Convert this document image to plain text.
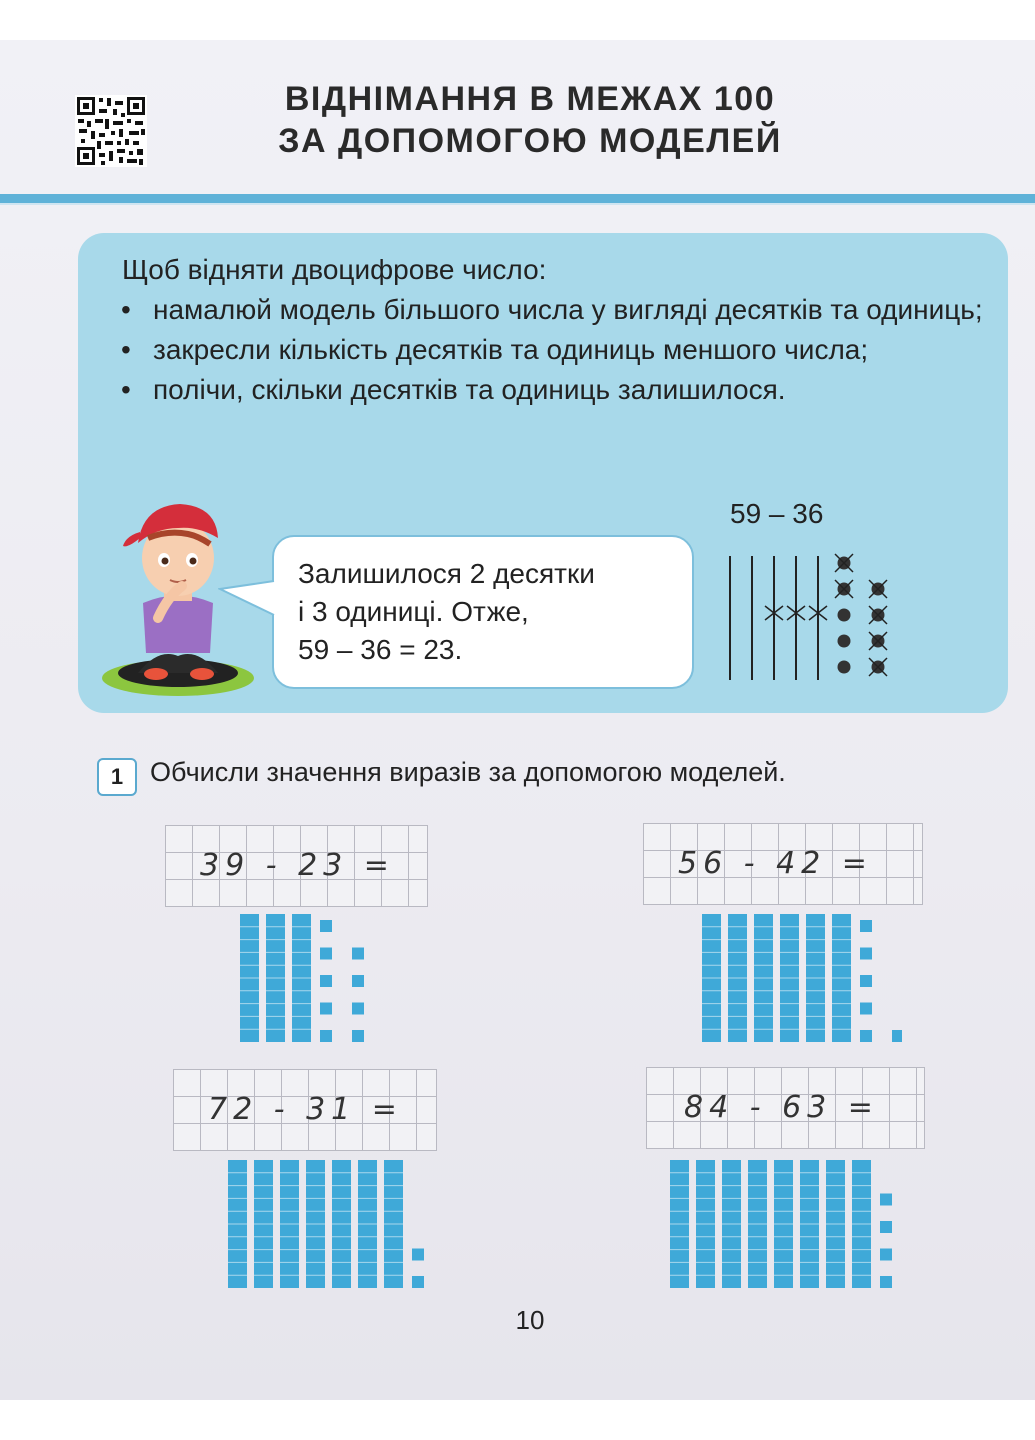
ВІДНІМАННЯ В МЕЖАХ 100
ЗА ДОПОМОГОЮ МОДЕЛЕЙ
Щоб відняти двоцифрове число:
• намалюй модель більшого числа у вигляді десятків та одиниць;
• закресли кількість десятків та одиниць меншого числа;
• полічи, скільки десятків та одиниць залишилося.
Залишилося 2 десятки
і 3 одиниці. Отже,
59 – 36 = 23.
59 – 36
1 Обчисли значення виразів за допомогою моделей.
39 - 23 =	56 - 42 =
72 - 31 =	84 - 63 =
10
